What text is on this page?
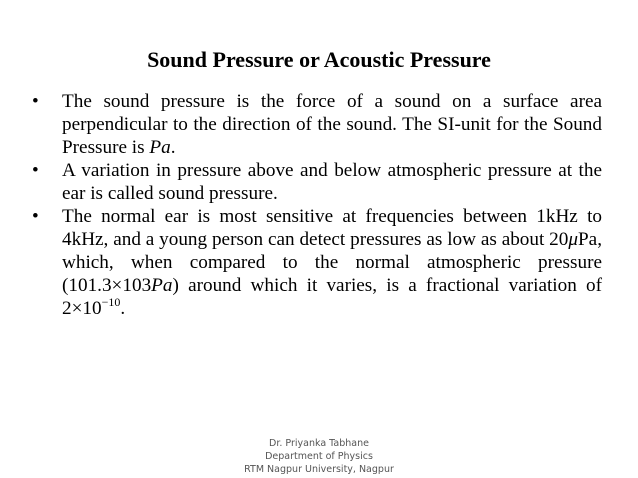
Sound Pressure or Acoustic Pressure
•	The sound pressure is the force of a sound on a surface area perpendicular to the direction of the sound. The SI-unit for the Sound Pressure is Pa.
•	A variation in pressure above and below atmospheric pressure at the ear is called sound pressure.
•	The normal ear is most sensitive at frequencies between 1kHz to 4kHz, and a young person can detect pressures as low as about 20μPa, which, when compared to the normal atmospheric pressure (101.3×103Pa) around which it varies, is a fractional variation of $2\times 10^{-10}$.
Dr. Priyanka Tabhane
Department of Physics
RTM Nagpur University, Nagpur
